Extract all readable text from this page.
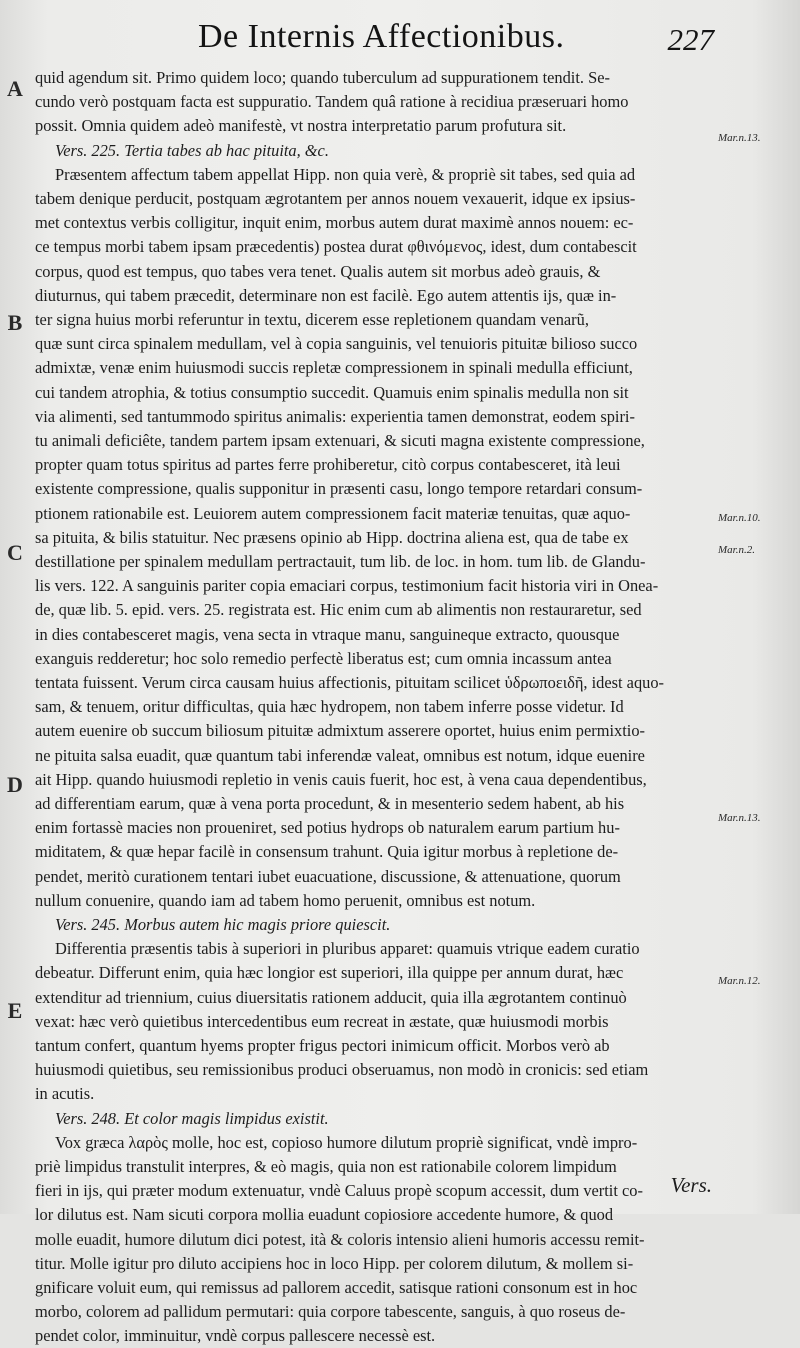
De Internis Affectionibus.	227

quid agendum sit. Primo quidem loco; quando tuberculum ad suppurationem tendit. Se-
cundo verò postquam facta est suppuratio. Tandem quâ ratione à recidiua præseruari homo
possit. Omnia quidem adeò manifestè, vt nostra interpretatio parum profutura sit.
Vers. 225. Tertia tabes ab hac pituita, &c.
Præsentem affectum tabem appellat Hipp. non quia verè, & propriè sit tabes, sed quia ad
tabem denique perducit, postquam ægrotantem per annos nouem vexauerit, idque ex ipsius-
met contextus verbis colligitur, inquit enim, morbus autem durat maximè annos nouem: ec-
ce tempus morbi tabem ipsam præcedentis) postea durat φθινόμενος, idest, dum contabescit
corpus, quod est tempus, quo tabes vera tenet. Qualis autem sit morbus adeò grauis, &
diuturnus, qui tabem præcedit, determinare non est facilè. Ego autem attentis ijs, quæ in-
ter signa huius morbi referuntur in textu, dicerem esse repletionem quandam venarũ,
quæ sunt circa spinalem medullam, vel à copia sanguinis, vel tenuioris pituitæ bilioso succo
admixtæ, venæ enim huiusmodi succis repletæ compressionem in spinali medulla efficiunt,
cui tandem atrophia, & totius consumptio succedit. Quamuis enim spinalis medulla non sit
via alimenti, sed tantummodo spiritus animalis: experientia tamen demonstrat, eodem spiri-
tu animali deficiête, tandem partem ipsam extenuari, & sicuti magna existente compressione,
propter quam totus spiritus ad partes ferre prohiberetur, citò corpus contabesceret, ità leui
existente compressione, qualis supponitur in præsenti casu, longo tempore retardari consum-
ptionem rationabile est. Leuiorem autem compressionem facit materiæ tenuitas, quæ aquo-
sa pituita, & bilis statuitur. Nec præsens opinio ab Hipp. doctrina aliena est, qua de tabe ex
destillatione per spinalem medullam pertractauit, tum lib. de loc. in hom. tum lib. de Glandu-
lis vers. 122. A sanguinis pariter copia emaciari corpus, testimonium facit historia viri in Onea-
de, quæ lib. 5. epid. vers. 25. registrata est. Hic enim cum ab alimentis non restauraretur, sed
in dies contabesceret magis, vena secta in vtraque manu, sanguineque extracto, quousque
exanguis redderetur; hoc solo remedio perfectè liberatus est; cum omnia incassum antea
tentata fuissent. Verum circa causam huius affectionis, pituitam scilicet ὑδρωποειδῆ, idest aquo-
sam, & tenuem, oritur difficultas, quia hæc hydropem, non tabem inferre posse videtur. Id
autem euenire ob succum biliosum pituitæ admixtum asserere oportet, huius enim permixtio-
ne pituita salsa euadit, quæ quantum tabi inferendæ valeat, omnibus est notum, idque euenire
ait Hipp. quando huiusmodi repletio in venis cauis fuerit, hoc est, à vena caua dependentibus,
ad differentiam earum, quæ à vena porta procedunt, & in mesenterio sedem habent, ab his
enim fortassè macies non proueniret, sed potius hydrops ob naturalem earum partium hu-
miditatem, & quæ hepar facilè in consensum trahunt. Quia igitur morbus à repletione de-
pendet, meritò curationem tentari iubet euacuatione, discussione, & attenuatione, quorum
nullum conuenire, quando iam ad tabem homo peruenit, omnibus est notum.
Vers. 245. Morbus autem hic magis priore quiescit.
Differentia præsentis tabis à superiori in pluribus apparet: quamuis vtrique eadem curatio
debeatur. Differunt enim, quia hæc longior est superiori, illa quippe per annum durat, hæc
extenditur ad triennium, cuius diuersitatis rationem adducit, quia illa ægrotantem continuò
vexat: hæc verò quietibus intercedentibus eum recreat in æstate, quæ huiusmodi morbis
tantum confert, quantum hyems propter frigus pectori inimicum officit. Morbos verò ab
huiusmodi quietibus, seu remissionibus produci obseruamus, non modò in cronicis: sed etiam
in acutis.
Vers. 248. Et color magis limpidus existit.
Vox græca λαρὸς molle, hoc est, copioso humore dilutum propriè significat, vndè impro-
priè limpidus transtulit interpres, & eò magis, quia non est rationabile colorem limpidum
fieri in ijs, qui præter modum extenuatur, vndè Caluus propè scopum accessit, dum vertit co-
lor dilutus est. Nam sicuti corpora mollia euadunt copiosiore accedente humore, & quod
molle euadit, humore dilutum dici potest, ità & coloris intensio alieni humoris accessu remit-
titur. Molle igitur pro diluto accipiens hoc in loco Hipp. per colorem dilutum, & mollem si-
gnificare voluit eum, qui remissus ad pallorem accedit, satisque rationi consonum est in hoc
morbo, colorem ad pallidum permutari: quia corpore tabescente, sanguis, à quo roseus de-
pendet color, imminuitur, vndè corpus pallescere necessè est.
A
B
C
D
E
Mar.n.13.
Mar.n.10.
Mar.n.2.
Mar.n.13.
Mar.n.12.
Vers.
